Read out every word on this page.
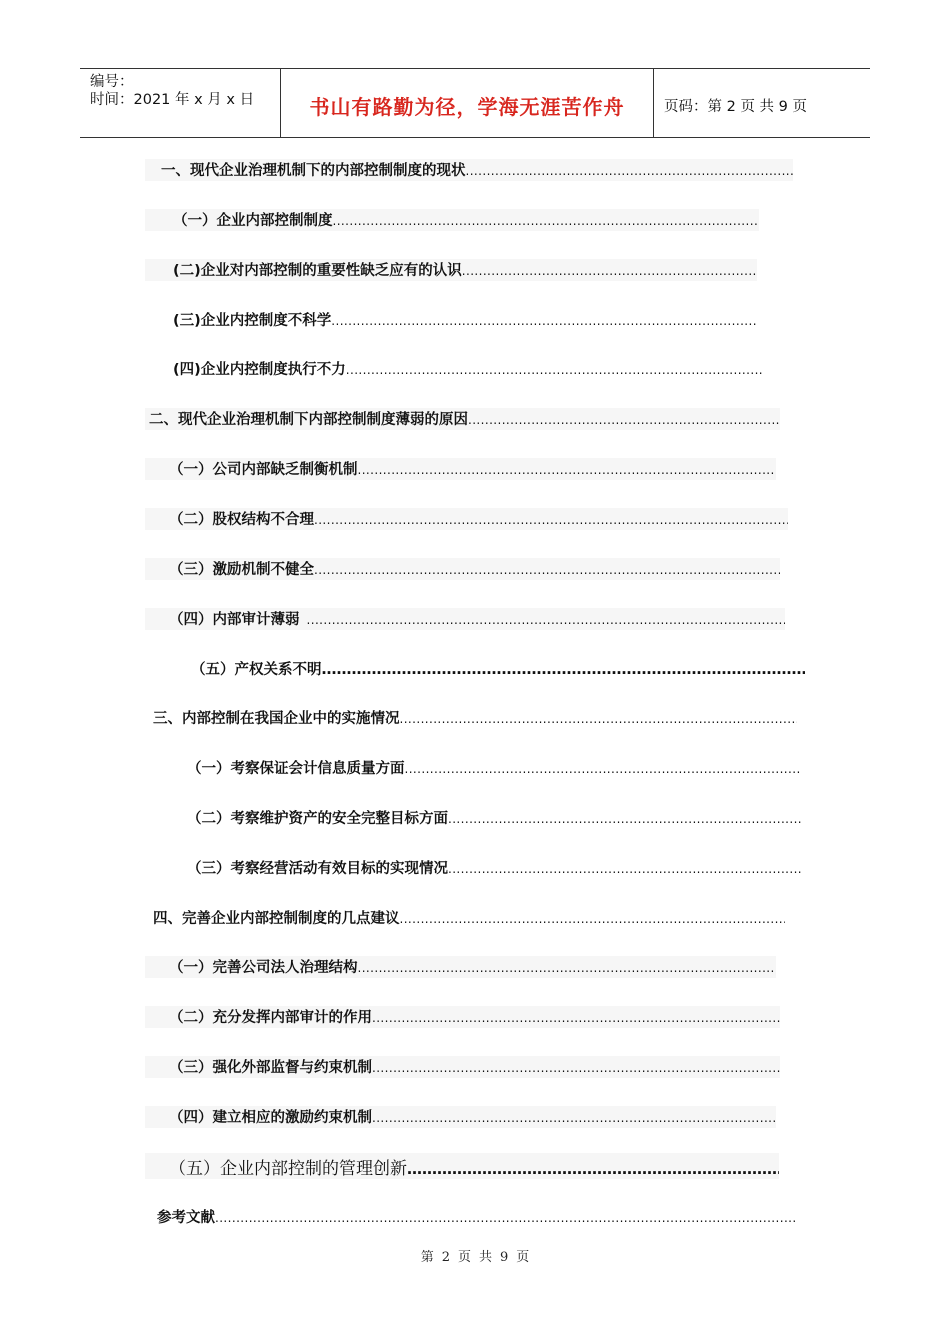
编号：
时间：2021 年 x 月 x 日	书山有路勤为径，学海无涯苦作舟	页码：第 2 页 共 9 页
一、现代企业治理机制下的内部控制制度的现状
.....
（一）企业内部控制制度
.....
(二)企业对内部控制的重要性缺乏应有的认识
.....
(三)企业内控制度不科学
.....
(四)企业内控制度执行不力
.....
二、现代企业治理机制下内部控制制度薄弱的原因
.....
（一）公司内部缺乏制衡机制
.....
（二）股权结构不合理
.....
（三）激励机制不健全
.....
（四）内部审计薄弱
.....
（五）产权关系不明
………………………………………………………………………………………………………………………………………………
三、内部控制在我国企业中的实施情况
.....
（一）考察保证会计信息质量方面
.....
（二）考察维护资产的安全完整目标方面
.....
（三）考察经营活动有效目标的实现情况
.....
四、完善企业内部控制制度的几点建议
.....
（一）完善公司法人治理结构
.....
（二）充分发挥内部审计的作用
.....
（三）强化外部监督与约束机制
.....
（四）建立相应的激励约束机制
.....
（五）企业内部控制的管理创新
………………………………………………………………………………………………………………………………………………
参考文献
.....
第 2 页 共 9 页
